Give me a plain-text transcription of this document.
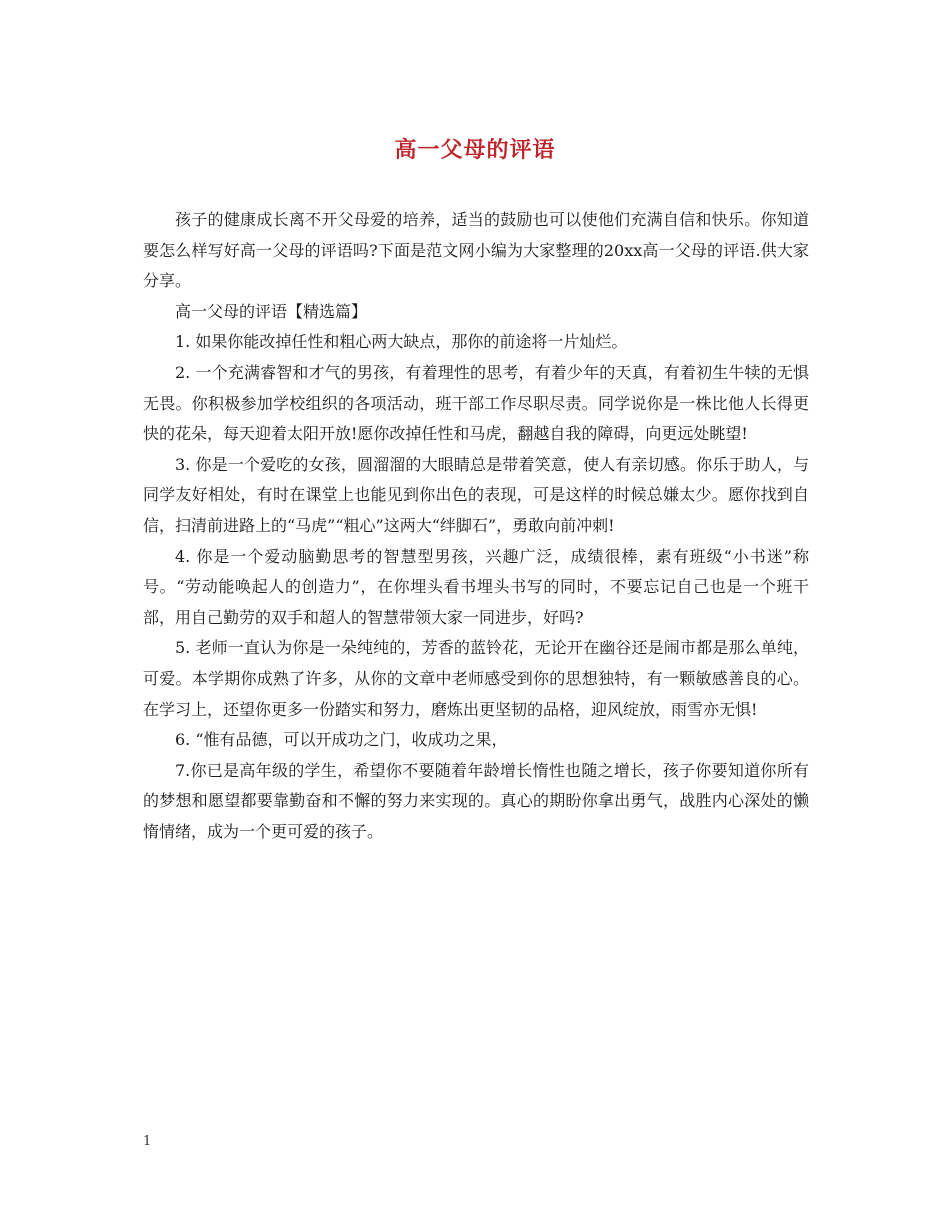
高一父母的评语

孩子的健康成长离不开父母爱的培养，适当的鼓励也可以使他们充满自信和快乐。你知道要怎么样写好高一父母的评语吗?下面是范文网小编为大家整理的20xx高一父母的评语.供大家分享。

高一父母的评语【精选篇】

1. 如果你能改掉任性和粗心两大缺点，那你的前途将一片灿烂。

2. 一个充满睿智和才气的男孩，有着理性的思考，有着少年的天真，有着初生牛犊的无惧无畏。你积极参加学校组织的各项活动，班干部工作尽职尽责。同学说你是一株比他人长得更快的花朵，每天迎着太阳开放!愿你改掉任性和马虎，翻越自我的障碍，向更远处眺望!

3. 你是一个爱吃的女孩，圆溜溜的大眼睛总是带着笑意，使人有亲切感。你乐于助人，与同学友好相处，有时在课堂上也能见到你出色的表现，可是这样的时候总嫌太少。愿你找到自信，扫清前进路上的“马虎”“粗心”这两大“绊脚石”，勇敢向前冲刺!

4. 你是一个爱动脑勤思考的智慧型男孩，兴趣广泛，成绩很棒，素有班级“小书迷”称号。“劳动能唤起人的创造力”，在你埋头看书埋头书写的同时，不要忘记自己也是一个班干部，用自己勤劳的双手和超人的智慧带领大家一同进步，好吗?

5. 老师一直认为你是一朵纯纯的，芳香的蓝铃花，无论开在幽谷还是闹市都是那么单纯，可爱。本学期你成熟了许多，从你的文章中老师感受到你的思想独特，有一颗敏感善良的心。在学习上，还望你更多一份踏实和努力，磨炼出更坚韧的品格，迎风绽放，雨雪亦无惧!

6. “惟有品德，可以开成功之门，收成功之果，

7.你已是高年级的学生，希望你不要随着年龄增长惰性也随之增长，孩子你要知道你所有的梦想和愿望都要靠勤奋和不懈的努力来实现的。真心的期盼你拿出勇气，战胜内心深处的懒惰情绪，成为一个更可爱的孩子。

1
